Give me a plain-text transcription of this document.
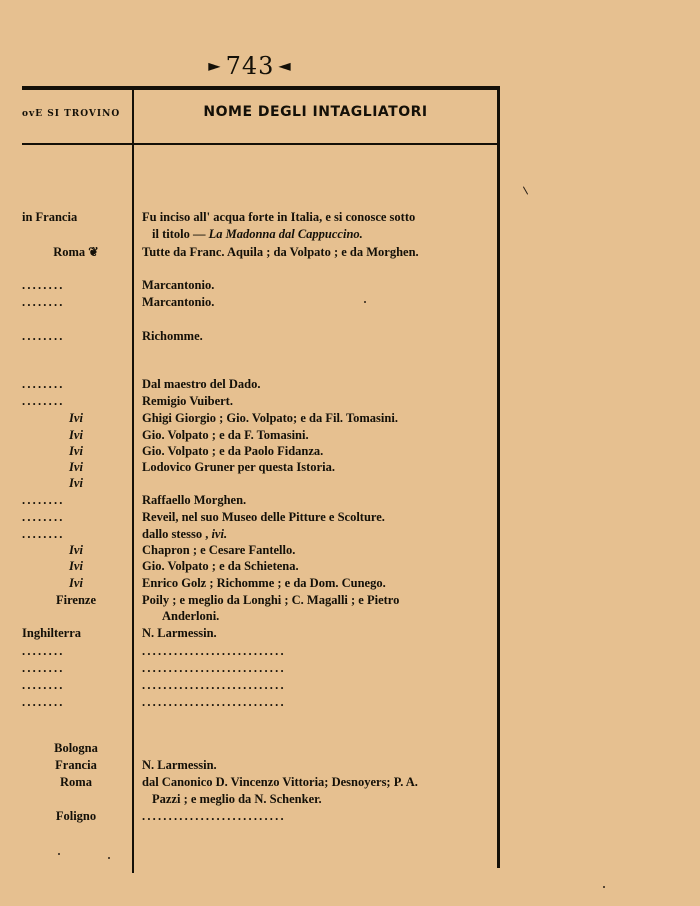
► 743 ◄
ovE SI TROVINO	NOME DEGLI INTAGLIATORI
in Francia	Fu inciso all' acqua forte in Italia, e si conosce sotto
il titolo — La Madonna dal Cappuccino.
Roma ❦	Tutte da Franc. Aquila ; da Volpato ; e da Morghen.
........	Marcantonio.
........	Marcantonio.
........	Richomme.
........	Dal maestro del Dado.
........	Remigio Vuibert.
Ivi	Ghigi Giorgio ; Gio. Volpato; e da Fil. Tomasini.
Ivi	Gio. Volpato ; e da F. Tomasini.
Ivi	Gio. Volpato ; e da Paolo Fidanza.
Ivi	Lodovico Gruner per questa Istoria.
Ivi
........	Raffaello Morghen.
........	Reveil, nel suo Museo delle Pitture e Scolture.
........	dallo stesso , ivi.
Ivi	Chapron ; e Cesare Fantello.
Ivi	Gio. Volpato ; e da Schietena.
Ivi	Enrico Golz ; Richomme ; e da Dom. Cunego.
Firenze	Poily ; e meglio da Longhi ; C. Magalli ; e Pietro
Anderloni.
Inghilterra	N. Larmessin.
........	...........................
........	...........................
........	...........................
........	...........................
Bologna
Francia	N. Larmessin.
Roma	dal Canonico D. Vincenzo Vittoria; Desnoyers; P. A.
Pazzi ; e meglio da N. Schenker.
Foligno	...........................
